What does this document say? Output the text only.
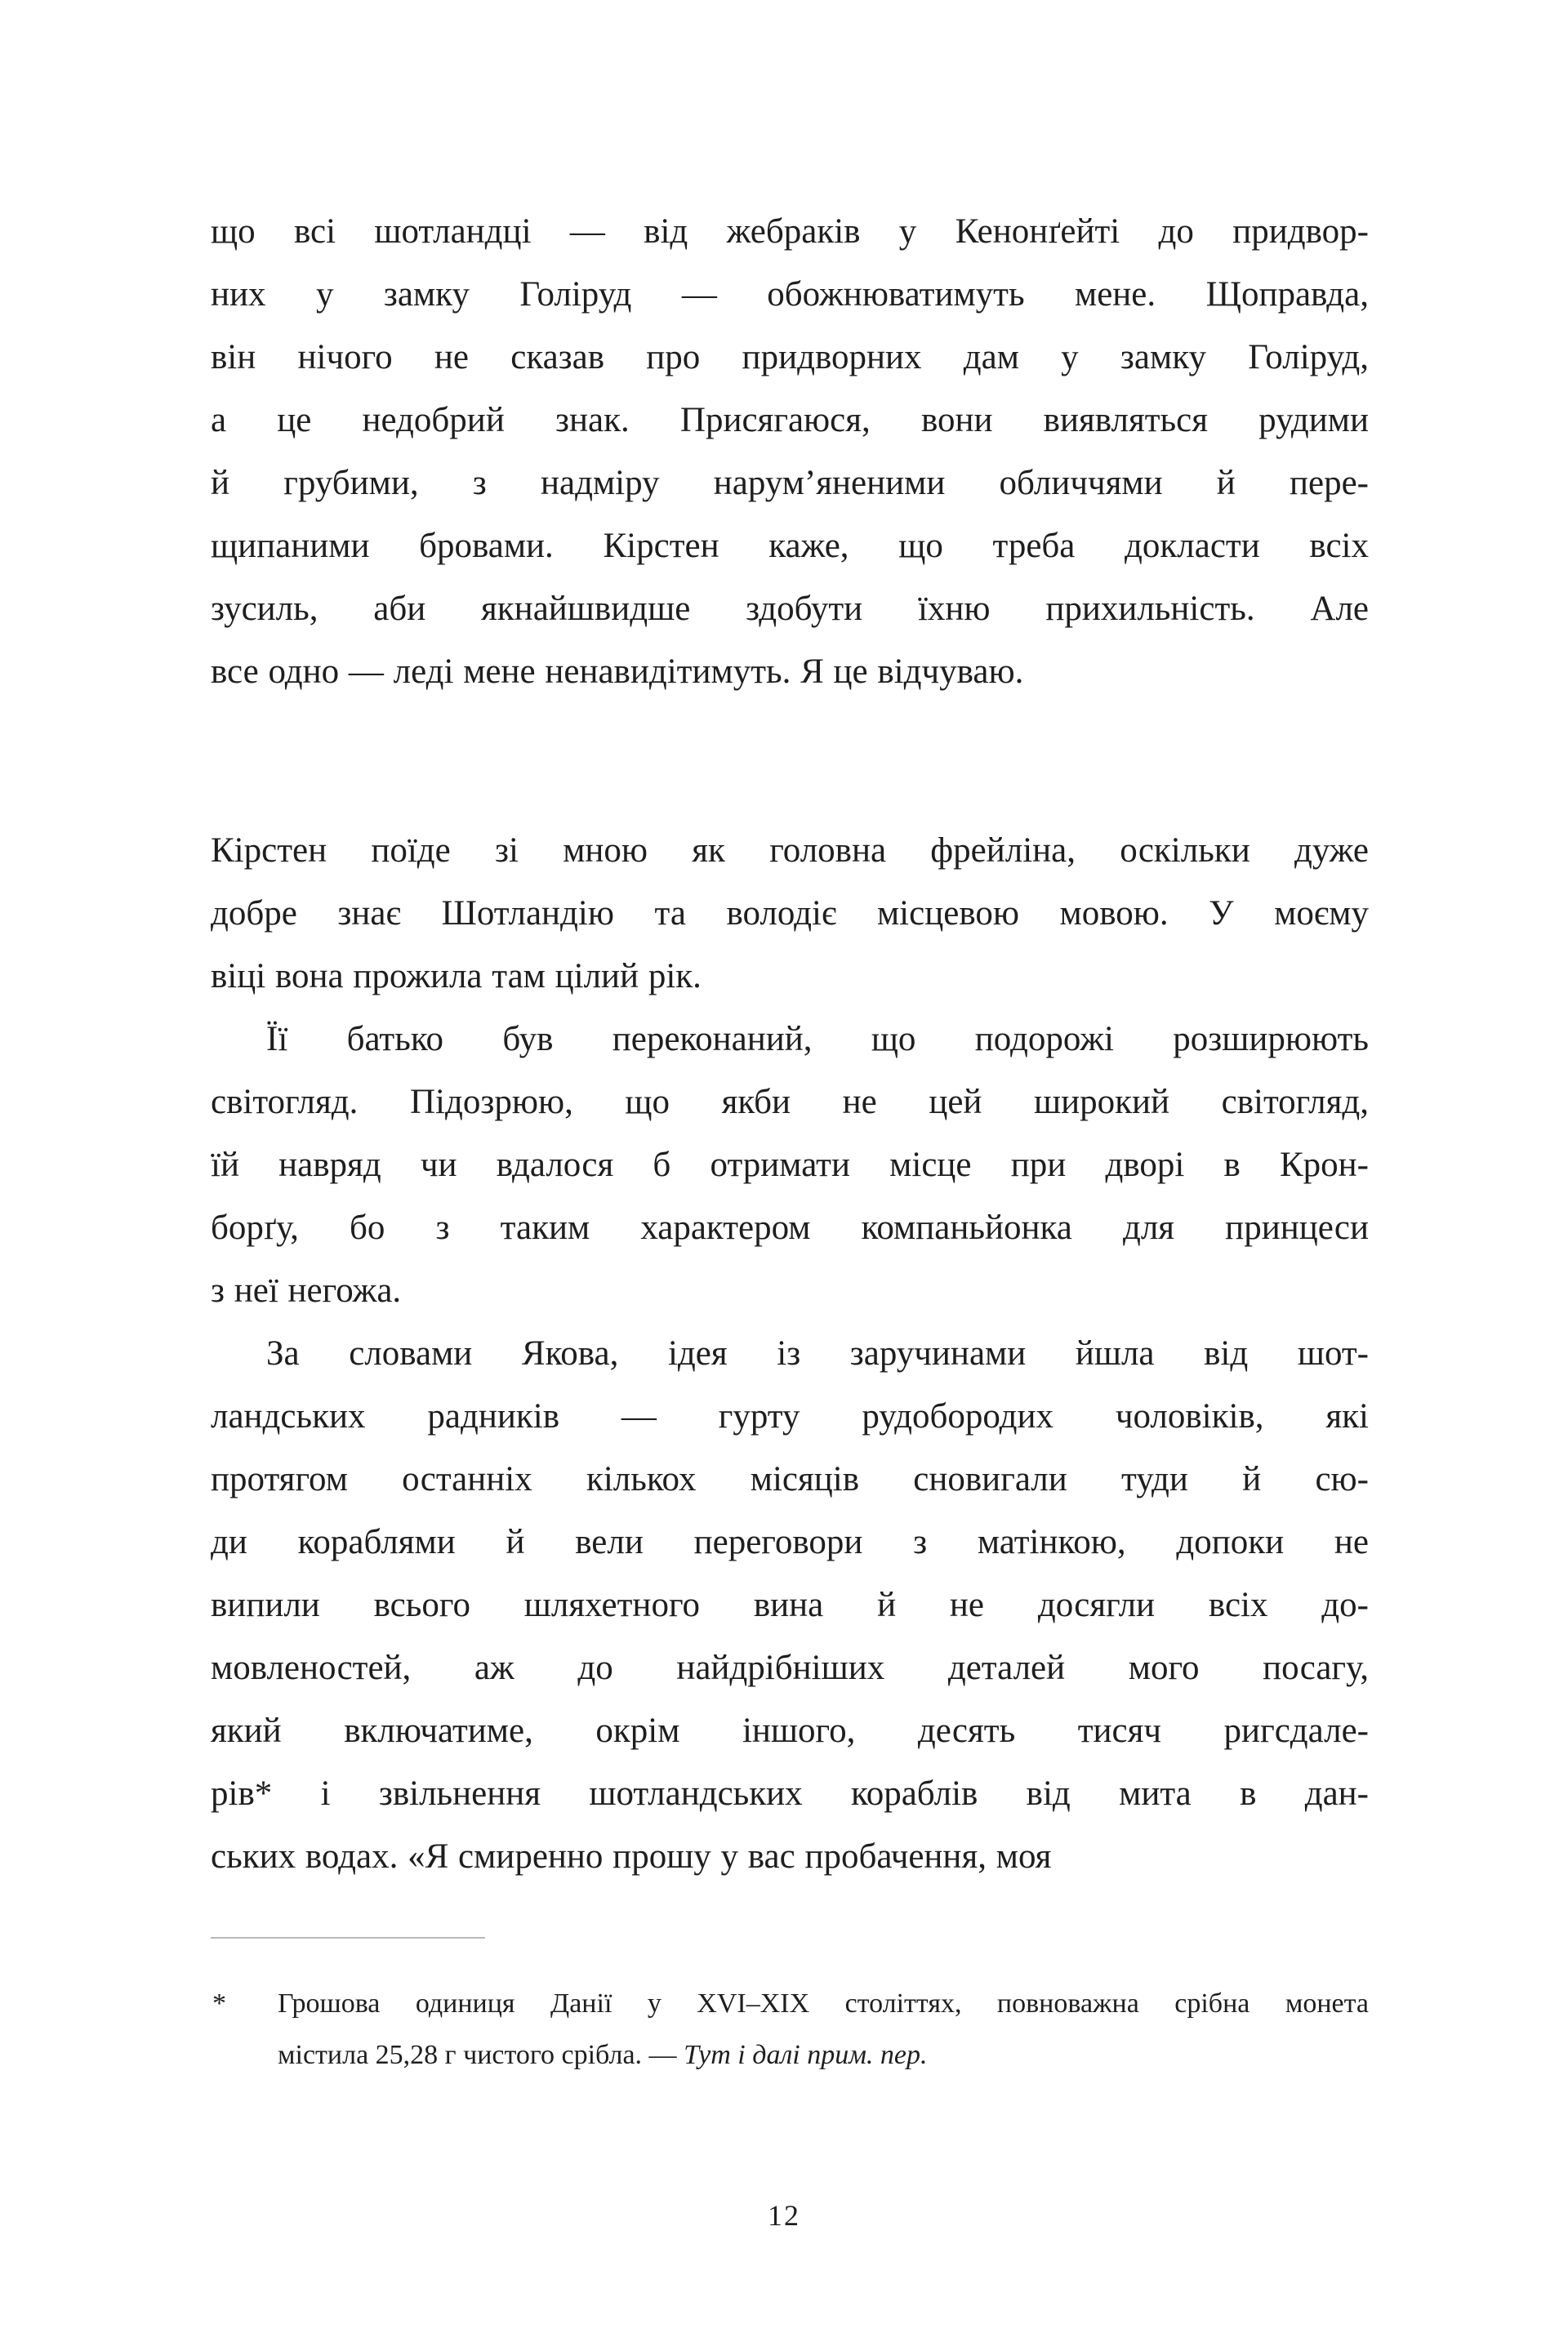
що всі шотландці — від жебраків у Кенонґейті до придвор-
них у замку Голіруд — обожнюватимуть мене. Щоправда,
він нічого не сказав про придворних дам у замку Голіруд,
а це недобрий знак. Присягаюся, вони виявляться рудими
й грубими, з надміру нарум’яненими обличчями й пере-
щипаними бровами. Кірстен каже, що треба докласти всіх
зусиль, аби якнайшвидше здобути їхню прихильність. Але
все одно — леді мене ненавидітимуть. Я це відчуваю.
Кірстен поїде зі мною як головна фрейліна, оскільки дуже
добре знає Шотландію та володіє місцевою мовою. У моєму
віці вона прожила там цілий рік.
Її батько був переконаний, що подорожі розширюють
світогляд. Підозрюю, що якби не цей широкий світогляд,
їй навряд чи вдалося б отримати місце при дворі в Крон-
борґу, бо з таким характером компаньйонка для принцеси
з неї негожа.
За словами Якова, ідея із заручинами йшла від шот-
ландських радників — гурту рудобородих чоловіків, які
протягом останніх кількох місяців сновигали туди й сю-
ди кораблями й вели переговори з матінкою, допоки не
випили всього шляхетного вина й не досягли всіх до-
мовленостей, аж до найдрібніших деталей мого посагу,
який включатиме, окрім іншого, десять тисяч ригсдале-
рів* і звільнення шотландських кораблів від мита в дан-
ських водах. «Я смиренно прошу у вас пробачення, моя
* Грошова одиниця Данії у XVI–XIX століттях, повноважна срібна монета
містила 25,28 г чистого срібла. — Тут і далі прим. пер.
12
